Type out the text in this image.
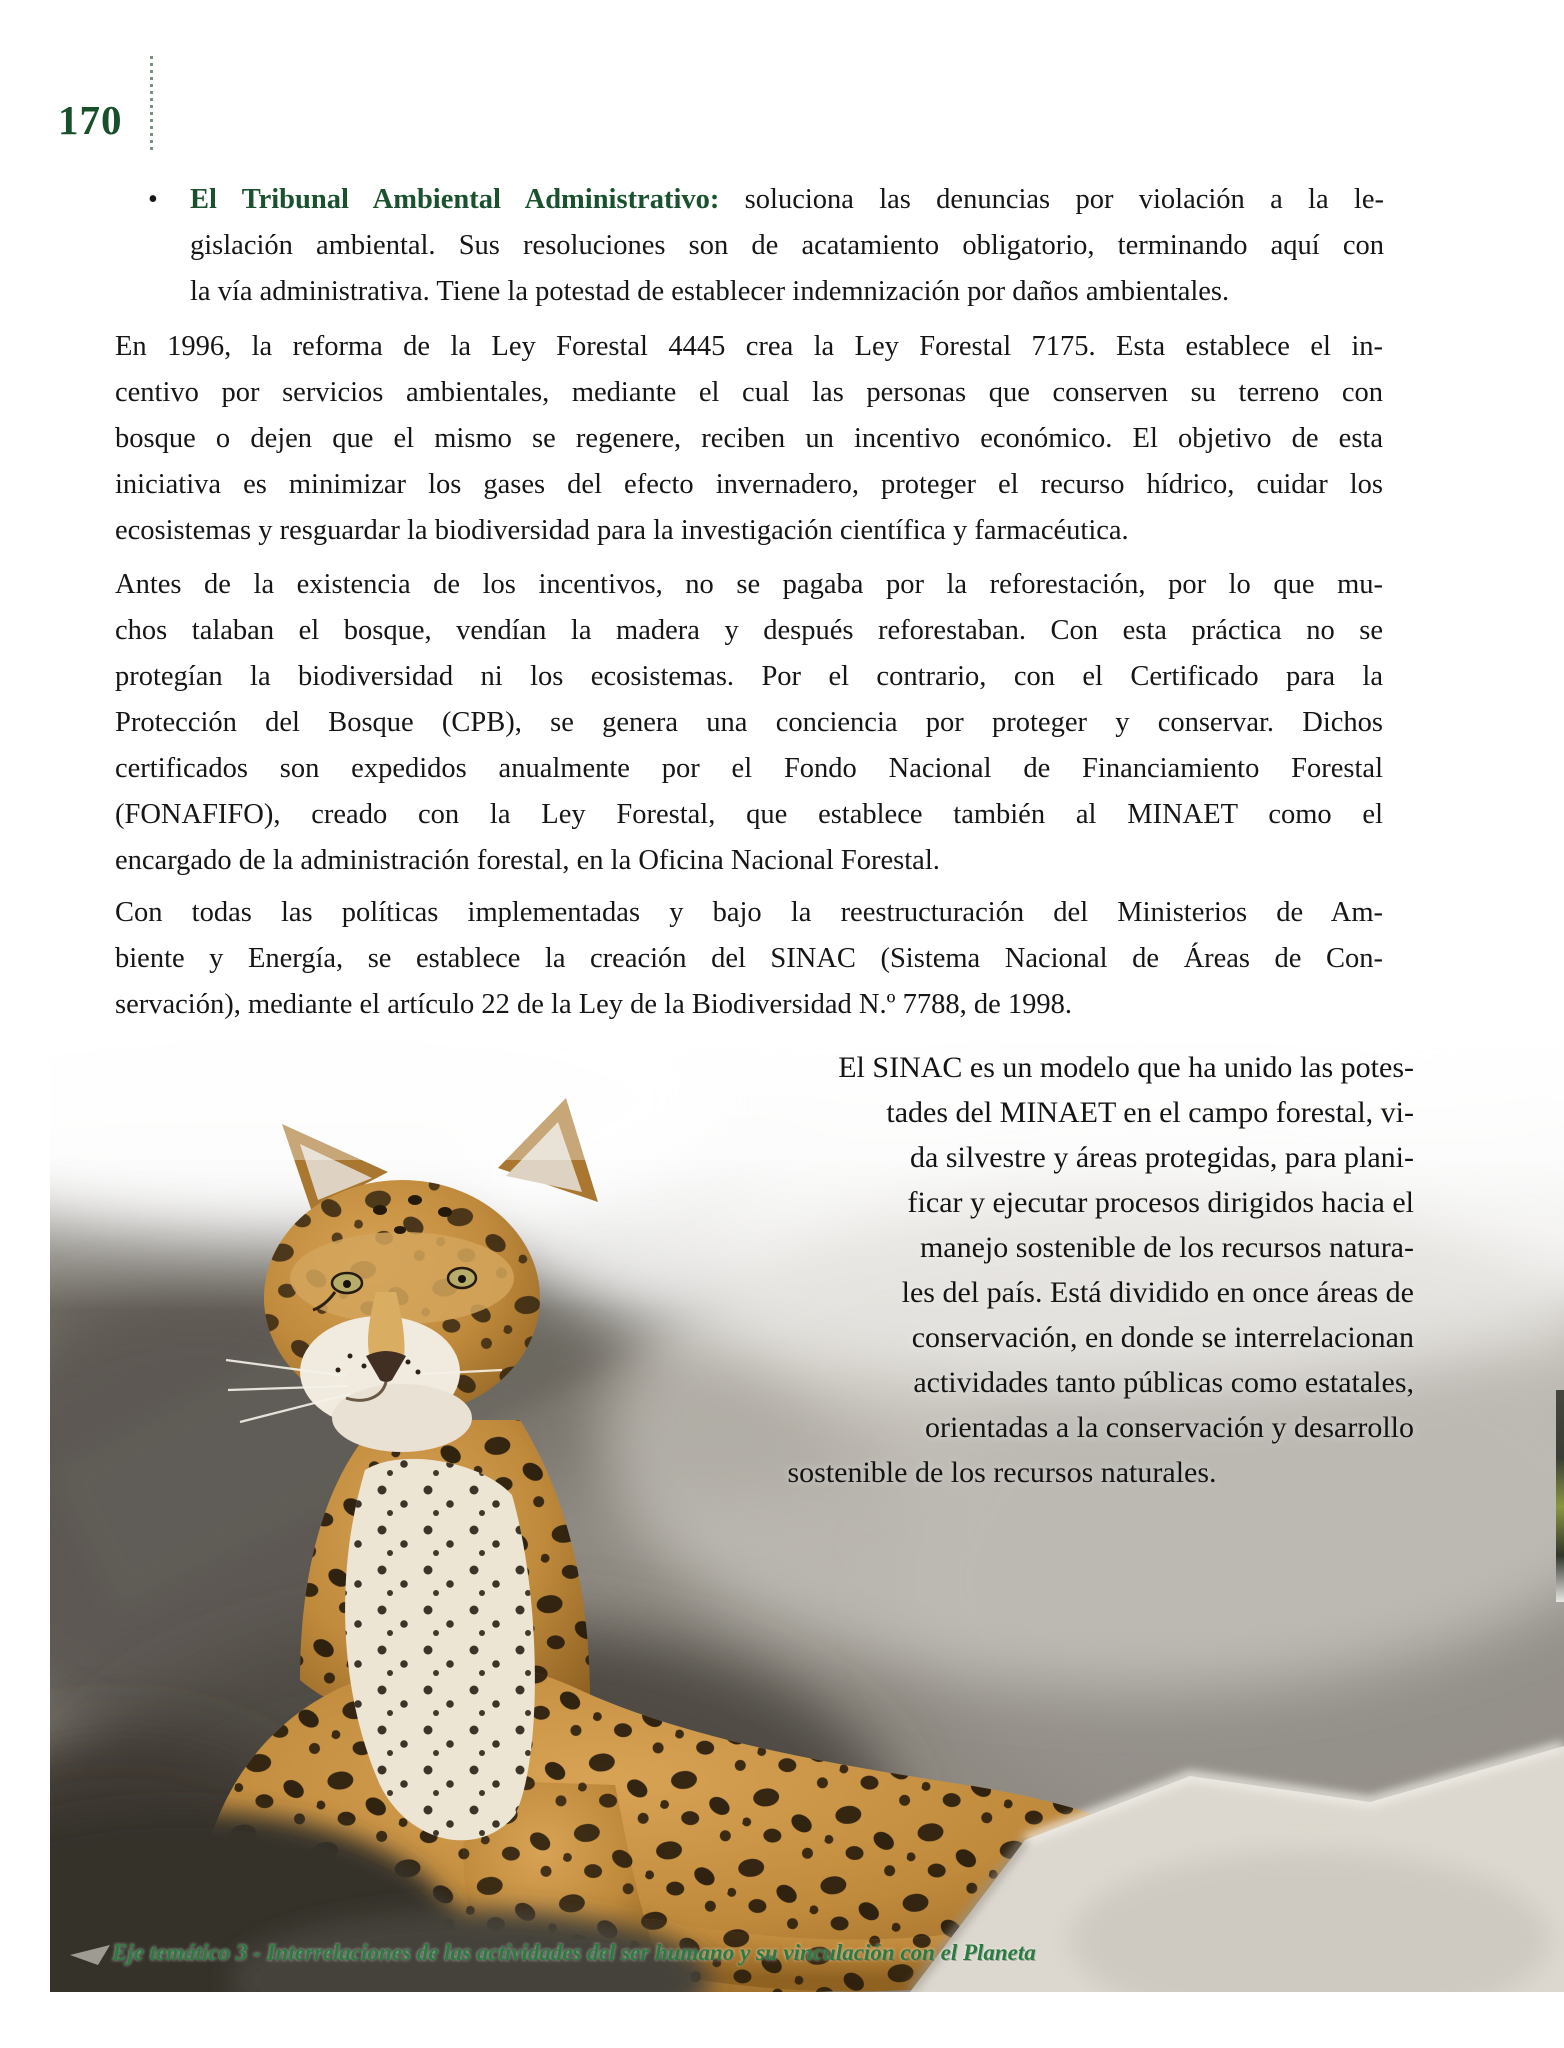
170
•	El Tribunal Ambiental Administrativo: soluciona las denuncias por violación a la le-
gislación ambiental. Sus resoluciones son de acatamiento obligatorio, terminando aquí con
la vía administrativa. Tiene la potestad de establecer indemnización por daños ambientales.
En 1996, la reforma de la Ley Forestal 4445 crea la Ley Forestal 7175. Esta establece el in-
centivo por servicios ambientales, mediante el cual las personas que conserven su terreno con
bosque o dejen que el mismo se regenere, reciben un incentivo económico. El objetivo de esta
iniciativa es minimizar los gases del efecto invernadero, proteger el recurso hídrico, cuidar los
ecosistemas y resguardar la biodiversidad para la investigación científica y farmacéutica.
Antes de la existencia de los incentivos, no se pagaba por la reforestación, por lo que mu-
chos talaban el bosque, vendían la madera y después reforestaban. Con esta práctica no se
protegían la biodiversidad ni los ecosistemas. Por el contrario, con el Certificado para la
Protección del Bosque (CPB), se genera una conciencia por proteger y conservar. Dichos
certificados son expedidos anualmente por el Fondo Nacional de Financiamiento Forestal
(FONAFIFO), creado con la Ley Forestal, que establece también al MINAET como el
encargado de la administración forestal, en la Oficina Nacional Forestal.
Con todas las políticas implementadas y bajo la reestructuración del Ministerios de Am-
biente y Energía, se establece la creación del SINAC (Sistema Nacional de Áreas de Con-
servación), mediante el artículo 22 de la Ley de la Biodiversidad N.º 7788, de 1998.
El SINAC es un modelo que ha unido las potes-
tades del MINAET en el campo forestal, vi-
da silvestre y áreas protegidas, para plani-
ficar y ejecutar procesos dirigidos hacia el
manejo sostenible de los recursos natura-
les del país. Está dividido en once áreas de
conservación, en donde se interrelacionan
actividades tanto públicas como estatales,
orientadas a la conservación y desarrollo
sostenible de los recursos naturales.
Eje temático 3 - Interrelaciones de las actividades del ser humano y su vinculación con el Planeta
